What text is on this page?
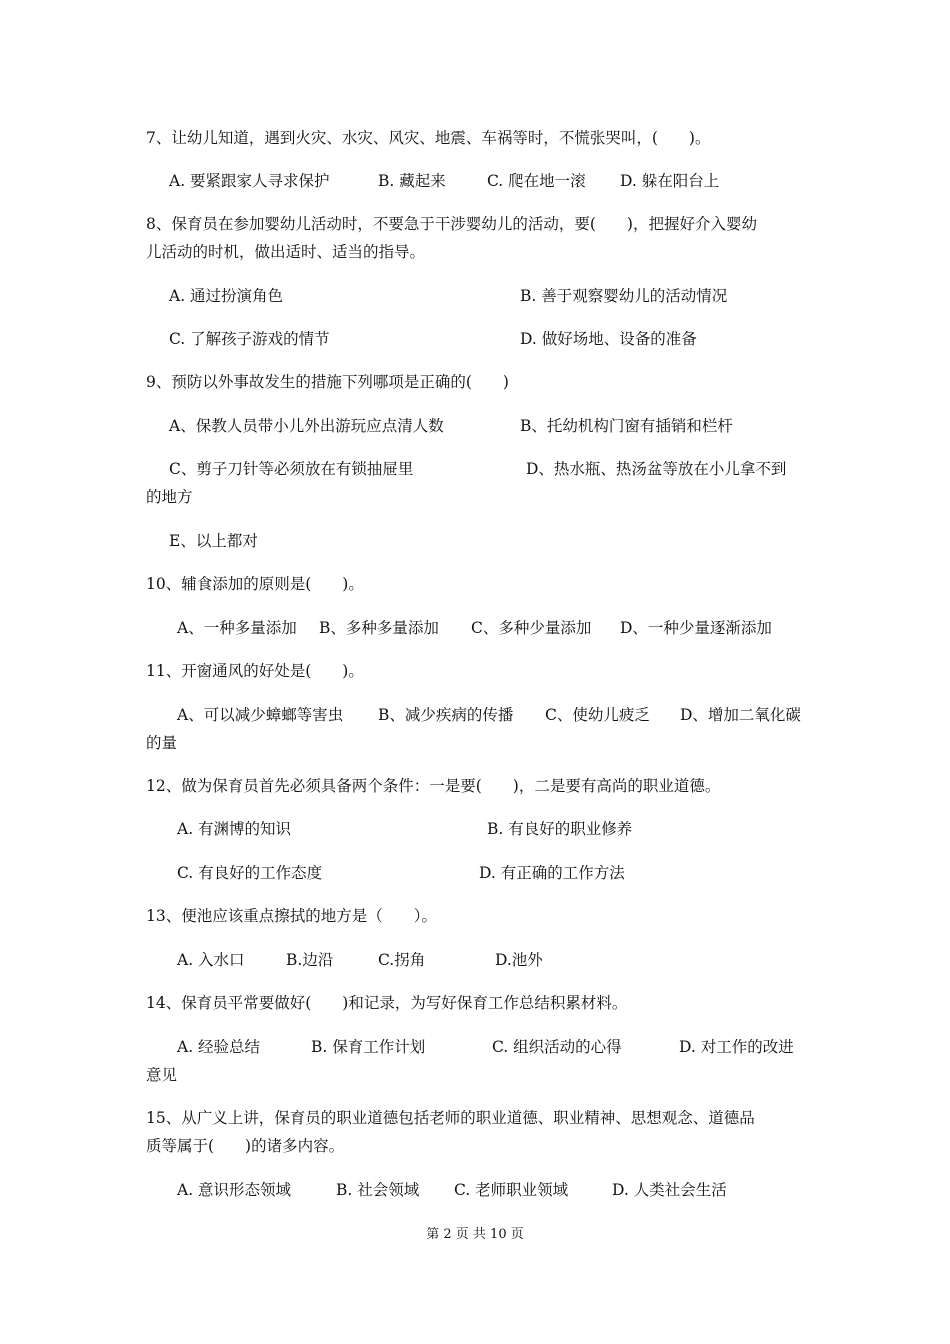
7、让幼儿知道，遇到火灾、水灾、风灾、地震、车祸等时，不慌张哭叫，(　　)。
A. 要紧跟家人寻求保护	B. 藏起来	C. 爬在地一滚 D. 躲在阳台上
8、保育员在参加婴幼儿活动时，不要急于干涉婴幼儿的活动，要(　　)，把握好介入婴幼
儿活动的时机，做出适时、适当的指导。
A. 通过扮演角色	B. 善于观察婴幼儿的活动情况
C. 了解孩子游戏的情节	D. 做好场地、设备的准备
9、预防以外事故发生的措施下列哪项是正确的(　　)
A、保教人员带小儿外出游玩应点清人数	B、托幼机构门窗有插销和栏杆
C、剪子刀针等必须放在有锁抽屉里	D、热水瓶、热汤盆等放在小儿拿不到
的地方
E、以上都对
10、辅食添加的原则是(　　)。
A、一种多量添加 B、多种多量添加 C、多种少量添加 D、一种少量逐渐添加
11、开窗通风的好处是(　　)。
A、可以减少蟑螂等害虫 B、减少疾病的传播 C、使幼儿疲乏 D、增加二氧化碳
的量
12、做为保育员首先必须具备两个条件：一是要(　　)，二是要有高尚的职业道德。
A. 有渊博的知识	B. 有良好的职业修养
C. 有良好的工作态度	D. 有正确的工作方法
13、便池应该重点擦拭的地方是（　　）。
A. 入水口	B.边沿	C.拐角	D.池外
14、保育员平常要做好(　　)和记录，为写好保育工作总结积累材料。
A. 经验总结	B. 保育工作计划	C. 组织活动的心得	D. 对工作的改进
意见
15、从广义上讲，保育员的职业道德包括老师的职业道德、职业精神、思想观念、道德品
质等属于(　　)的诸多内容。
A. 意识形态领域	B. 社会领域 C. 老师职业领域	D. 人类社会生活
第 2 页 共 10 页
